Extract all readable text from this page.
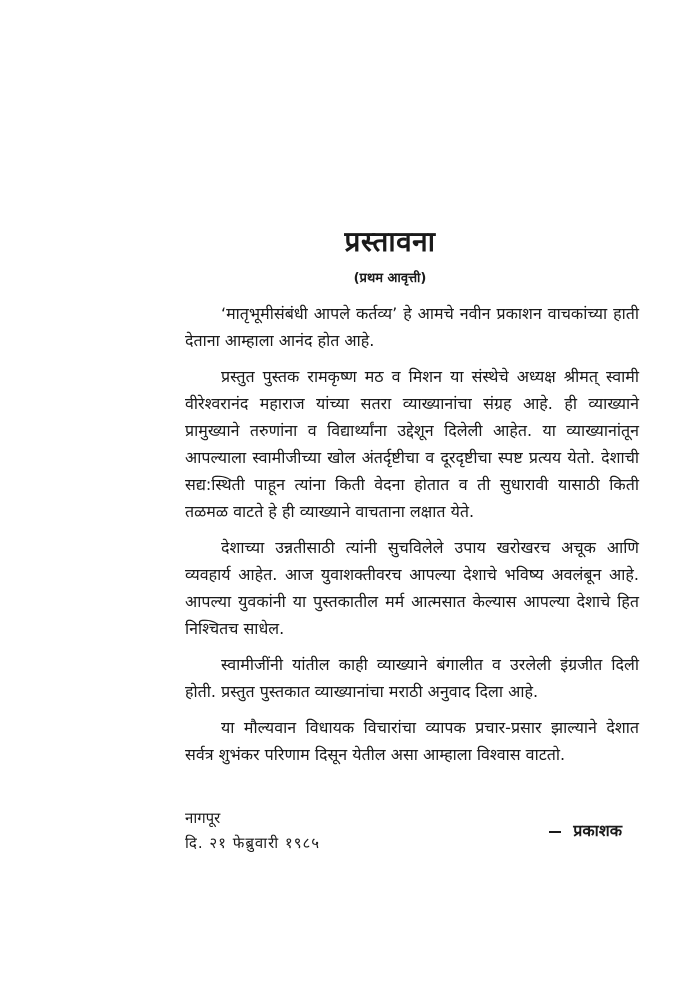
प्रस्तावना
(प्रथम आवृत्ती)

‘मातृभूमीसंबंधी आपले कर्तव्य’ हे आमचे नवीन प्रकाशन वाचकांच्या हाती देताना आम्हाला आनंद होत आहे.

प्रस्तुत पुस्तक रामकृष्ण मठ व मिशन या संस्थेचे अध्यक्ष श्रीमत् स्वामी वीरेश्वरानंद महाराज यांच्या सतरा व्याख्यानांचा संग्रह आहे. ही व्याख्याने प्रामुख्याने तरुणांना व विद्यार्थ्यांना उद्देशून दिलेली आहेत. या व्याख्यानांतून आपल्याला स्वामीजीच्या खोल अंतर्दृष्टीचा व दूरदृष्टीचा स्पष्ट प्रत्यय येतो. देशाची सद्य:स्थिती पाहून त्यांना किती वेदना होतात व ती सुधारावी यासाठी किती तळमळ वाटते हे ही व्याख्याने वाचताना लक्षात येते.

देशाच्या उन्नतीसाठी त्यांनी सुचविलेले उपाय खरोखरच अचूक आणि व्यवहार्य आहेत. आज युवाशक्तीवरच आपल्या देशाचे भविष्य अवलंबून आहे. आपल्या युवकांनी या पुस्तकातील मर्म आत्मसात केल्यास आपल्या देशाचे हित निश्चितच साधेल.

स्वामीजींनी यांतील काही व्याख्याने बंगालीत व उरलेली इंग्रजीत दिली होती. प्रस्तुत पुस्तकात व्याख्यानांचा मराठी अनुवाद दिला आहे.

या मौल्यवान विधायक विचारांचा व्यापक प्रचार-प्रसार झाल्याने देशात सर्वत्र शुभंकर परिणाम दिसून येतील असा आम्हाला विश्वास वाटतो.

नागपूर
दि. २१ फेब्रुवारी १९८५
प्रकाशक
